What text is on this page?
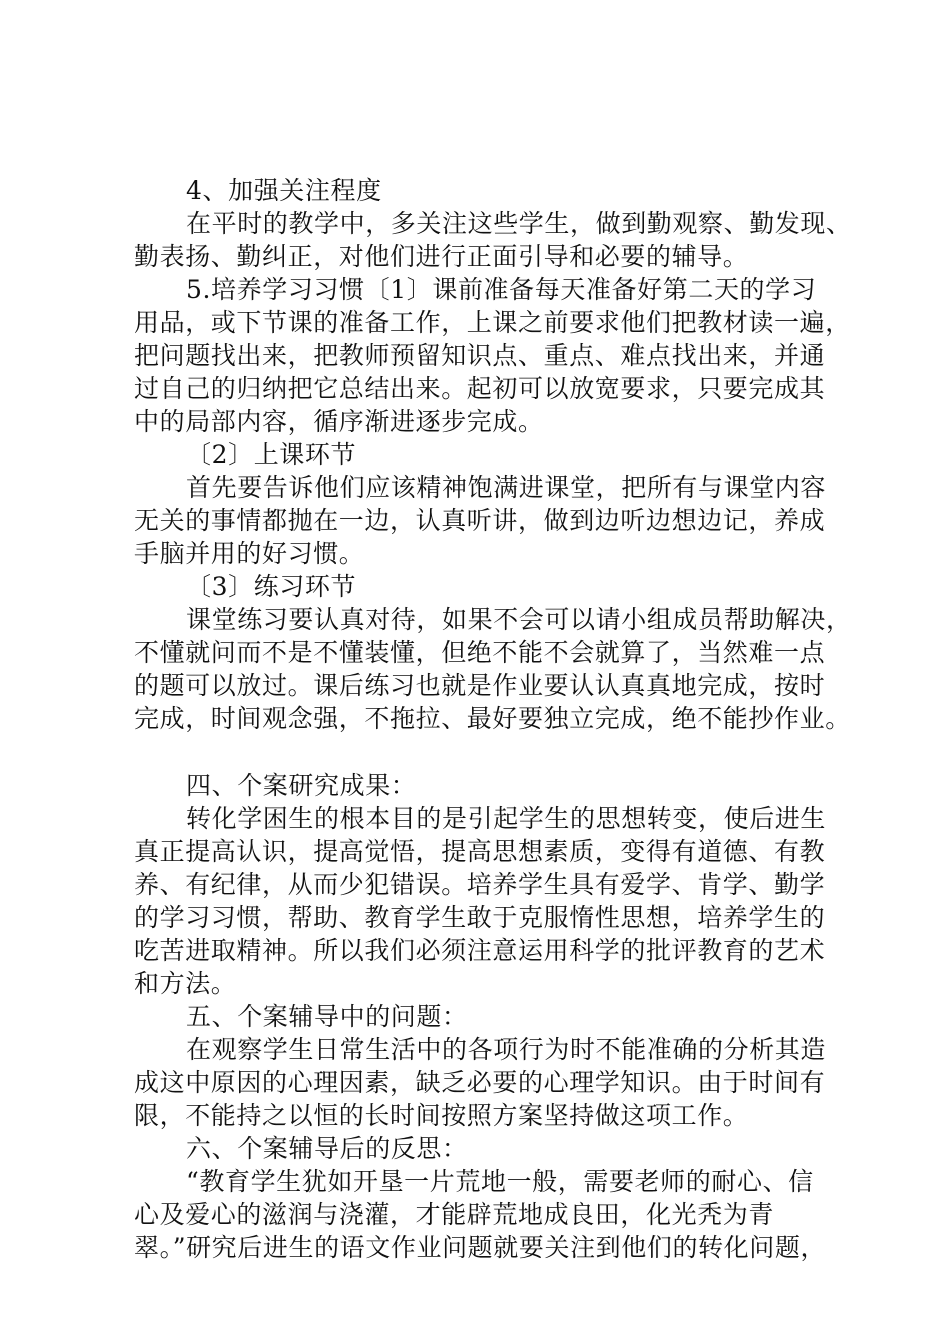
4、加强关注程度
在平时的教学中，多关注这些学生，做到勤观察、勤发现、
勤表扬、勤纠正，对他们进行正面引导和必要的辅导。
5.培养学习习惯〔1〕课前准备每天准备好第二天的学习
用品，或下节课的准备工作，上课之前要求他们把教材读一遍，
把问题找出来，把教师预留知识点、重点、难点找出来，并通
过自己的归纳把它总结出来。起初可以放宽要求，只要完成其
中的局部内容，循序渐进逐步完成。
〔2〕上课环节
首先要告诉他们应该精神饱满进课堂，把所有与课堂内容
无关的事情都抛在一边，认真听讲，做到边听边想边记，养成
手脑并用的好习惯。
〔3〕练习环节
课堂练习要认真对待，如果不会可以请小组成员帮助解决，
不懂就问而不是不懂装懂，但绝不能不会就算了，当然难一点
的题可以放过。课后练习也就是作业要认认真真地完成，按时
完成，时间观念强，不拖拉、最好要独立完成，绝不能抄作业。
四、个案研究成果：
转化学困生的根本目的是引起学生的思想转变，使后进生
真正提高认识，提高觉悟，提高思想素质，变得有道德、有教
养、有纪律，从而少犯错误。培养学生具有爱学、肯学、勤学
的学习习惯，帮助、教育学生敢于克服惰性思想，培养学生的
吃苦进取精神。所以我们必须注意运用科学的批评教育的艺术
和方法。
五、个案辅导中的问题：
在观察学生日常生活中的各项行为时不能准确的分析其造
成这中原因的心理因素，缺乏必要的心理学知识。由于时间有
限，不能持之以恒的长时间按照方案坚持做这项工作。
六、个案辅导后的反思：
“教育学生犹如开垦一片荒地一般，需要老师的耐心、信
心及爱心的滋润与浇灌，才能辟荒地成良田，化光秃为青
翠。”研究后进生的语文作业问题就要关注到他们的转化问题，
